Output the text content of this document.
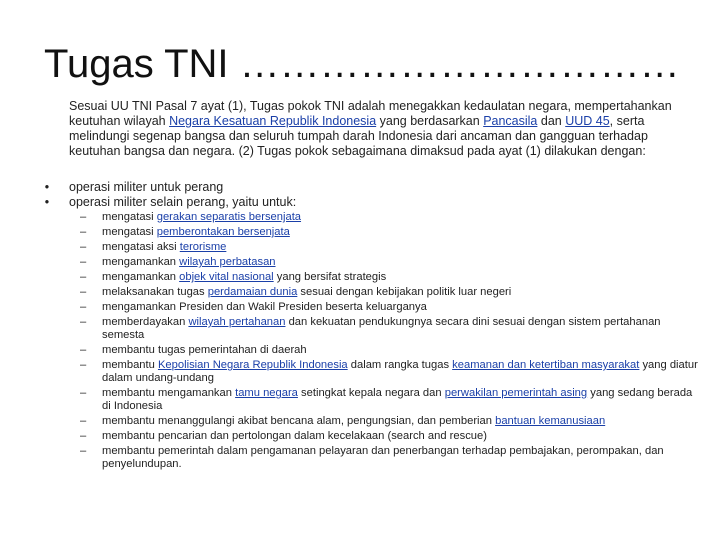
Tugas TNI ……………………………
Sesuai UU TNI Pasal 7 ayat (1), Tugas pokok TNI adalah menegakkan kedaulatan negara, mempertahankan keutuhan wilayah Negara Kesatuan Republik Indonesia yang berdasarkan Pancasila dan UUD 45, serta melindungi segenap bangsa dan seluruh tumpah darah Indonesia dari ancaman dan gangguan terhadap keutuhan bangsa dan negara. (2) Tugas pokok sebagaimana dimaksud pada ayat (1) dilakukan dengan:
• operasi militer untuk perang
• operasi militer selain perang, yaitu untuk:
– mengatasi gerakan separatis bersenjata
– mengatasi pemberontakan bersenjata
– mengatasi aksi terorisme
– mengamankan wilayah perbatasan
– mengamankan objek vital nasional yang bersifat strategis
– melaksanakan tugas perdamaian dunia sesuai dengan kebijakan politik luar negeri
– mengamankan Presiden dan Wakil Presiden beserta keluarganya
– memberdayakan wilayah pertahanan dan kekuatan pendukungnya secara dini sesuai dengan sistem pertahanan semesta
– membantu tugas pemerintahan di daerah
– membantu Kepolisian Negara Republik Indonesia dalam rangka tugas keamanan dan ketertiban masyarakat yang diatur dalam undang-undang
– membantu mengamankan tamu negara setingkat kepala negara dan perwakilan pemerintah asing yang sedang berada di Indonesia
– membantu menanggulangi akibat bencana alam, pengungsian, dan pemberian bantuan kemanusiaan
– membantu pencarian dan pertolongan dalam kecelakaan (search and rescue)
– membantu pemerintah dalam pengamanan pelayaran dan penerbangan terhadap pembajakan, perompakan, dan penyelundupan.
